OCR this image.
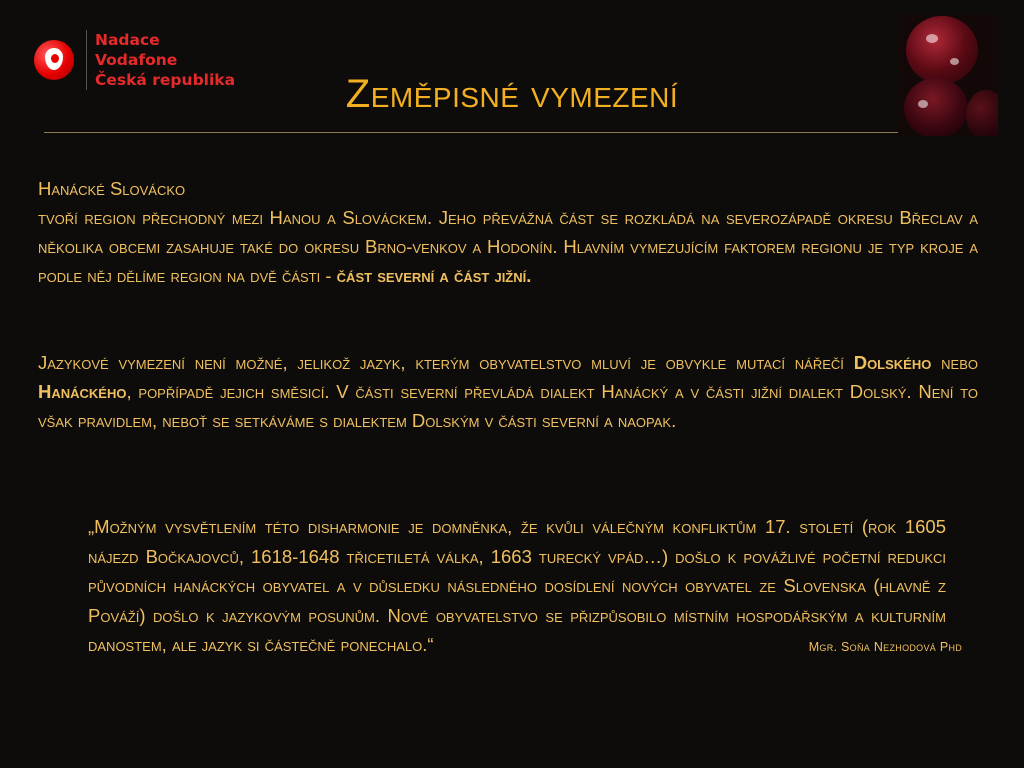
Nadace
Vodafone
Česká republika	Zeměpisné vymezení
Hanácké Slovácko
tvoří region přechodný mezi Hanou a Slováckem. Jeho převážná část se rozkládá na severozápadě okresu Břeclav a několika obcemi zasahuje také do okresu Brno-venkov a Hodonín. Hlavním vymezujícím faktorem regionu je typ kroje a podle něj dělíme region na dvě části - část severní a část jižní.
Jazykové vymezení není možné, jelikož jazyk, kterým obyvatelstvo mluví je obvykle mutací nářečí Dolského nebo Hanáckého, popřípadě jejich směsicí. V části severní převládá dialekt Hanácký a v části jižní dialekt Dolský. Není to však pravidlem, neboť se setkáváme s dialektem Dolským v části severní a naopak.
„Možným vysvětlením této disharmonie je domněnka, že kvůli válečným konfliktům 17. století (rok 1605 nájezd Bočkajovců, 1618-1648 třicetiletá válka, 1663 turecký vpád…) došlo k povážlivé početní redukci původních hanáckých obyvatel a v důsledku následného dosídlení nových obyvatel ze Slovenska (hlavně z Pováží) došlo k jazykovým posunům. Nové obyvatelstvo se přizpůsobilo místním hospodářským a kulturním danostem, ale jazyk si částečně ponechalo.“	Mgr. Soňa Nezhodová Phd
